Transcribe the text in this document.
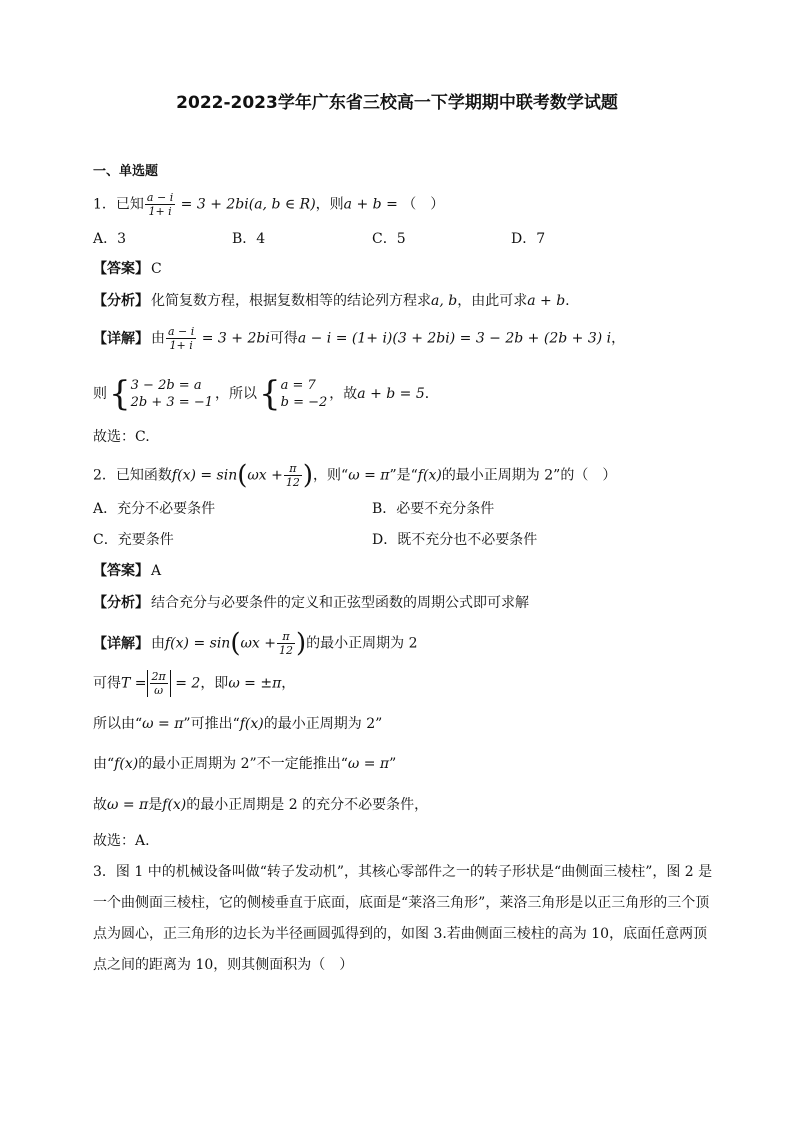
2022-2023学年广东省三校高一下学期期中联考数学试题
一、单选题
1．已知 $\frac{a - i}{1+ i} = 3 + 2bi(a$, b ∈ R)，则a + b = （　）
A．3	B．4	C．5	D．7
【答案】 C
【分析】 化简复数方程，根据复数相等的结论列方程求a, b，由此可求a + b.
【详解】 由 $\frac{a - i}{1+ i} = 3 + 2bi$可得a − i = (1+ i)(3 + 2bi) = 3 − 2b + (2b + 3) i，
则{ 3 − 2b = a
2b + 3 = −1
，所以{ a = 7
b = −2
，故a + b = 5．
故选：C.
2．已知函数$f(x) = \sin(\omega x + \frac{\pi}{12}$ )，则“ω = π”是“f(x)的最小正周期为 2”的（　）
A．充分不必要条件	B．必要不充分条件
C．充要条件	D．既不充分也不必要条件
【答案】 A
【分析】 结合充分与必要条件的定义和正弦型函数的周期公式即可求解
【详解】 由$f(x) = \sin(\omega x + \frac{\pi}{12}$ )的最小正周期为 2
可得$T = \frac{2\pi}{\omega} = 2$，即ω = ±π，
所以由“ω = π”可推出“f(x)的最小正周期为 2”
由“f(x)的最小正周期为 2”不一定能推出“ω = π”
故ω = π是f(x)的最小正周期是 2 的充分不必要条件，
故选：A.
3．图 1 中的机械设备叫做“转子发动机”，其核心零部件之一的转子形状是“曲侧面三棱柱”，图 2 是一个曲侧面三棱柱，它的侧棱垂直于底面，底面是“莱洛三角形”，莱洛三角形是以正三角形的三个顶点为圆心，正三角形的边长为半径画圆弧得到的，如图 3.若曲侧面三棱柱的高为 10，底面任意两顶点之间的距离为 10，则其侧面积为（　）
